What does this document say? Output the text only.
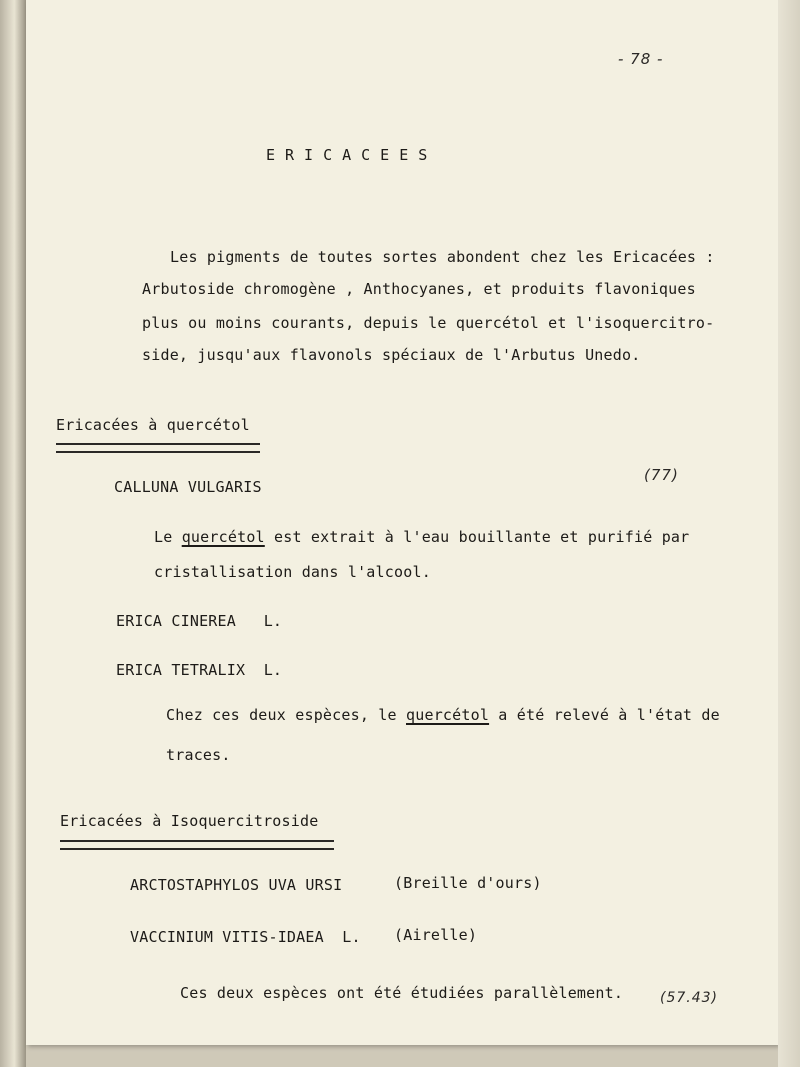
- 78 -
ERICACEES
Les pigments de toutes sortes abondent chez les Ericacées :
Arbutoside chromogène , Anthocyanes, et produits flavoniques
plus ou moins courants, depuis le quercétol et l'isoquercitro-
side, jusqu'aux flavonols spéciaux de l'Arbutus Unedo.
Ericacées à quercétol
CALLUNA VULGARIS
(77)
Le quercétol est extrait à l'eau bouillante et purifié par
cristallisation dans l'alcool.
ERICA CINEREA   L.
ERICA TETRALIX  L.
Chez ces deux espèces, le quercétol a été relevé à l'état de
traces.
Ericacées à Isoquercitroside
ARCTOSTAPHYLOS UVA URSI	(Breille d'ours)
VACCINIUM VITIS-IDAEA  L. (Airelle)
Ces deux espèces ont été étudiées parallèlement.	(57.43)
